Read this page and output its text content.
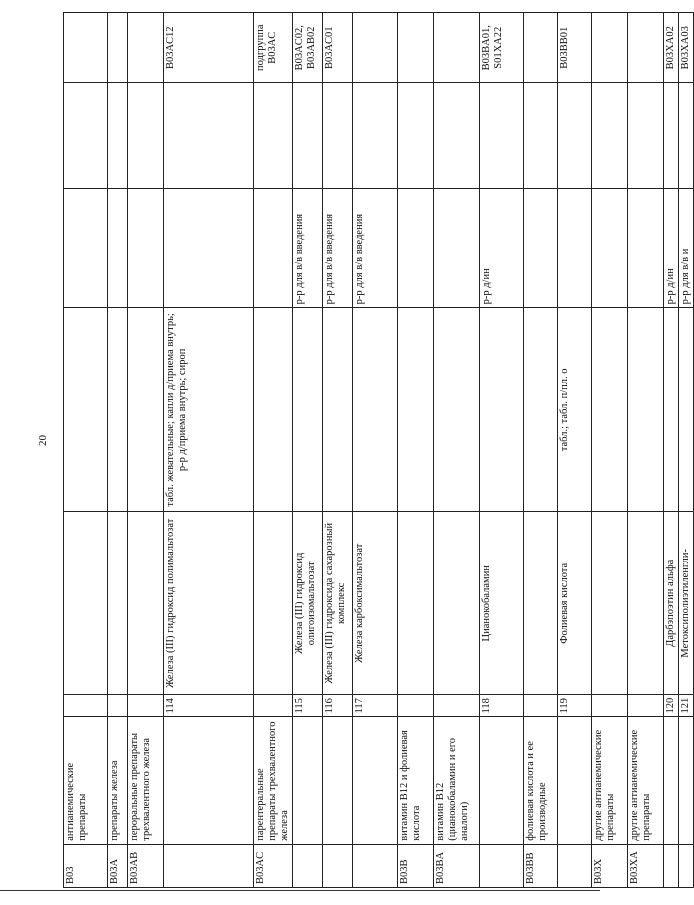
20
B03	антианемические препараты						
B03A	препараты железа						
B03AB	пероральные препараты трехвалентного железа						
		114	Железа (III) гидроксид полимальтозат	табл. жевательные; капли д/приема внутрь; р-р д/приема внутрь; сироп			B03AC12
B03AC	парентеральные препараты трехвалентного железа						подгруппа B03AC
		115	Железа (III) гидроксид олигоизомальтозат		р-р для в/в введения		B03AC02, B03AB02
		116	Железа (III) гидроксида сахарозный комплекс		р-р для в/в введения		B03AC01
		117	Железа карбоксимальтозат		р-р для в/в введения		
B03B	витамин B12 и фолиевая кислота						
B03BA	витамин B12 (цианокобаламин и его аналоги)						
		118	Цианокобаламин		р-р д/ин		B03BA01, S01XA22
B03BB	фолиевая кислота и ее производные						
		119	Фолиевая кислота	табл.; табл. п/пл. о			B03BB01
B03X	другие антианемические препараты						
B03XA	другие антианемические препараты						
		120	Дарбэпоэтин альфа		р-р д/ин		B03XA02
		121	Метоксиполиэтиленгли-		р-р для в/в и		B03XA03
